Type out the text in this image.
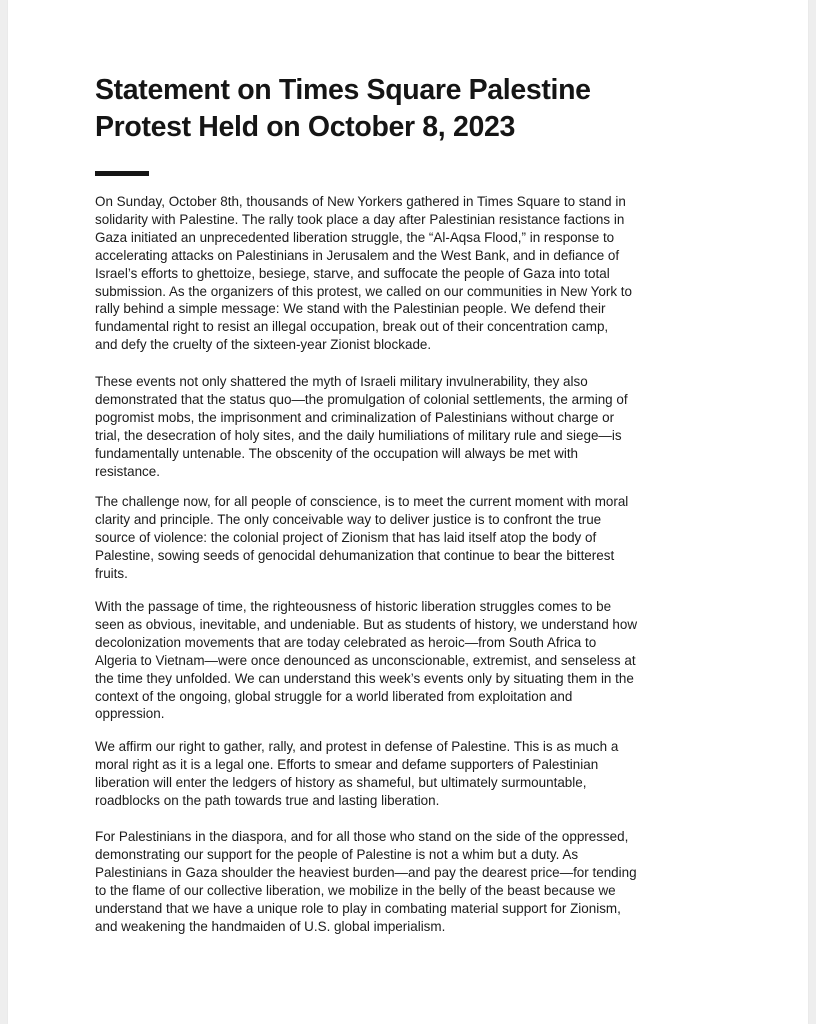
Statement on Times Square Palestine
Protest Held on October 8, 2023

On Sunday, October 8th, thousands of New Yorkers gathered in Times Square to stand in
solidarity with Palestine. The rally took place a day after Palestinian resistance factions in
Gaza initiated an unprecedented liberation struggle, the “Al-Aqsa Flood,” in response to
accelerating attacks on Palestinians in Jerusalem and the West Bank, and in defiance of
Israel’s efforts to ghettoize, besiege, starve, and suffocate the people of Gaza into total
submission. As the organizers of this protest, we called on our communities in New York to
rally behind a simple message: We stand with the Palestinian people. We defend their
fundamental right to resist an illegal occupation, break out of their concentration camp,
and defy the cruelty of the sixteen-year Zionist blockade.

These events not only shattered the myth of Israeli military invulnerability, they also
demonstrated that the status quo—the promulgation of colonial settlements, the arming of
pogromist mobs, the imprisonment and criminalization of Palestinians without charge or
trial, the desecration of holy sites, and the daily humiliations of military rule and siege—is
fundamentally untenable. The obscenity of the occupation will always be met with
resistance.

The challenge now, for all people of conscience, is to meet the current moment with moral
clarity and principle. The only conceivable way to deliver justice is to confront the true
source of violence: the colonial project of Zionism that has laid itself atop the body of
Palestine, sowing seeds of genocidal dehumanization that continue to bear the bitterest
fruits.

With the passage of time, the righteousness of historic liberation struggles comes to be
seen as obvious, inevitable, and undeniable. But as students of history, we understand how
decolonization movements that are today celebrated as heroic—from South Africa to
Algeria to Vietnam—were once denounced as unconscionable, extremist, and senseless at
the time they unfolded. We can understand this week’s events only by situating them in the
context of the ongoing, global struggle for a world liberated from exploitation and
oppression.

We affirm our right to gather, rally, and protest in defense of Palestine. This is as much a
moral right as it is a legal one. Efforts to smear and defame supporters of Palestinian
liberation will enter the ledgers of history as shameful, but ultimately surmountable,
roadblocks on the path towards true and lasting liberation.

For Palestinians in the diaspora, and for all those who stand on the side of the oppressed,
demonstrating our support for the people of Palestine is not a whim but a duty. As
Palestinians in Gaza shoulder the heaviest burden—and pay the dearest price—for tending
to the flame of our collective liberation, we mobilize in the belly of the beast because we
understand that we have a unique role to play in combating material support for Zionism,
and weakening the handmaiden of U.S. global imperialism.
